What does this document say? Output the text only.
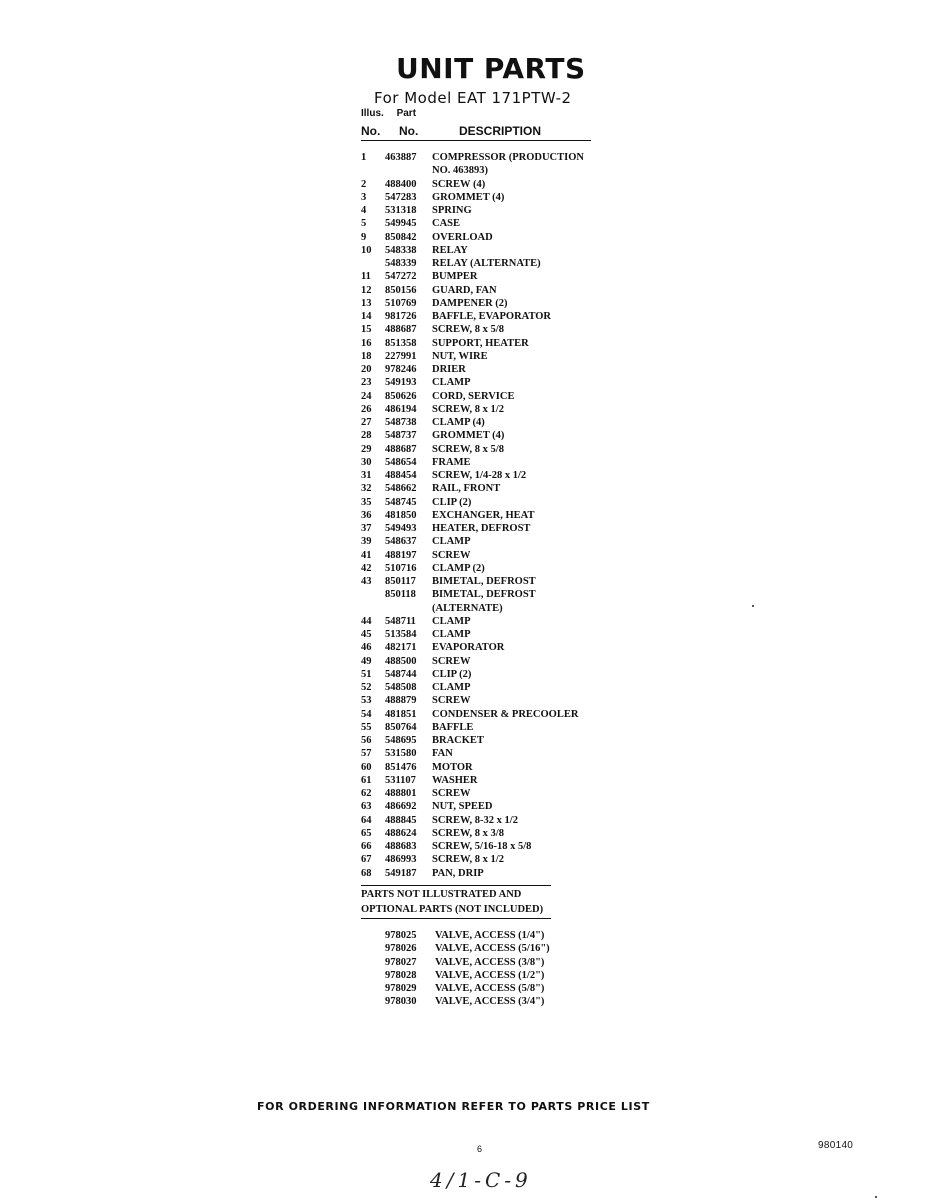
UNIT PARTS
For Model EAT 171PTW-2
Illus. Part
No. No.	DESCRIPTION
1 463887 COMPRESSOR (PRODUCTION
NO. 463893)
2 488400 SCREW (4)
3 547283 GROMMET (4)
4 531318 SPRING
5 549945 CASE
9 850842 OVERLOAD
10 548338 RELAY
548339 RELAY (ALTERNATE)
11 547272 BUMPER
12 850156 GUARD, FAN
13 510769 DAMPENER (2)
14 981726 BAFFLE, EVAPORATOR
15 488687 SCREW, 8 x 5/8
16 851358 SUPPORT, HEATER
18 227991 NUT, WIRE
20 978246 DRIER
23 549193 CLAMP
24 850626 CORD, SERVICE
26 486194 SCREW, 8 x 1/2
27 548738 CLAMP (4)
28 548737 GROMMET (4)
29 488687 SCREW, 8 x 5/8
30 548654 FRAME
31 488454 SCREW, 1/4-28 x 1/2
32 548662 RAIL, FRONT
35 548745 CLIP (2)
36 481850 EXCHANGER, HEAT
37 549493 HEATER, DEFROST
39 548637 CLAMP
41 488197 SCREW
42 510716 CLAMP (2)
43 850117 BIMETAL, DEFROST
850118 BIMETAL, DEFROST
(ALTERNATE)
44 548711 CLAMP
45 513584 CLAMP
46 482171 EVAPORATOR
49 488500 SCREW
51 548744 CLIP (2)
52 548508 CLAMP
53 488879 SCREW
54 481851 CONDENSER & PRECOOLER
55 850764 BAFFLE
56 548695 BRACKET
57 531580 FAN
60 851476 MOTOR
61 531107 WASHER
62 488801 SCREW
63 486692 NUT, SPEED
64 488845 SCREW, 8-32 x 1/2
65 488624 SCREW, 8 x 3/8
66 488683 SCREW, 5/16-18 x 5/8
67 486993 SCREW, 8 x 1/2
68 549187 PAN, DRIP
PARTS NOT ILLUSTRATED AND
OPTIONAL PARTS (NOT INCLUDED)
978025 VALVE, ACCESS (1/4")
978026 VALVE, ACCESS (5/16")
978027 VALVE, ACCESS (3/8")
978028 VALVE, ACCESS (1/2")
978029 VALVE, ACCESS (5/8")
978030 VALVE, ACCESS (3/4")
FOR ORDERING INFORMATION REFER TO PARTS PRICE LIST
6	980140
4/1-C-9
